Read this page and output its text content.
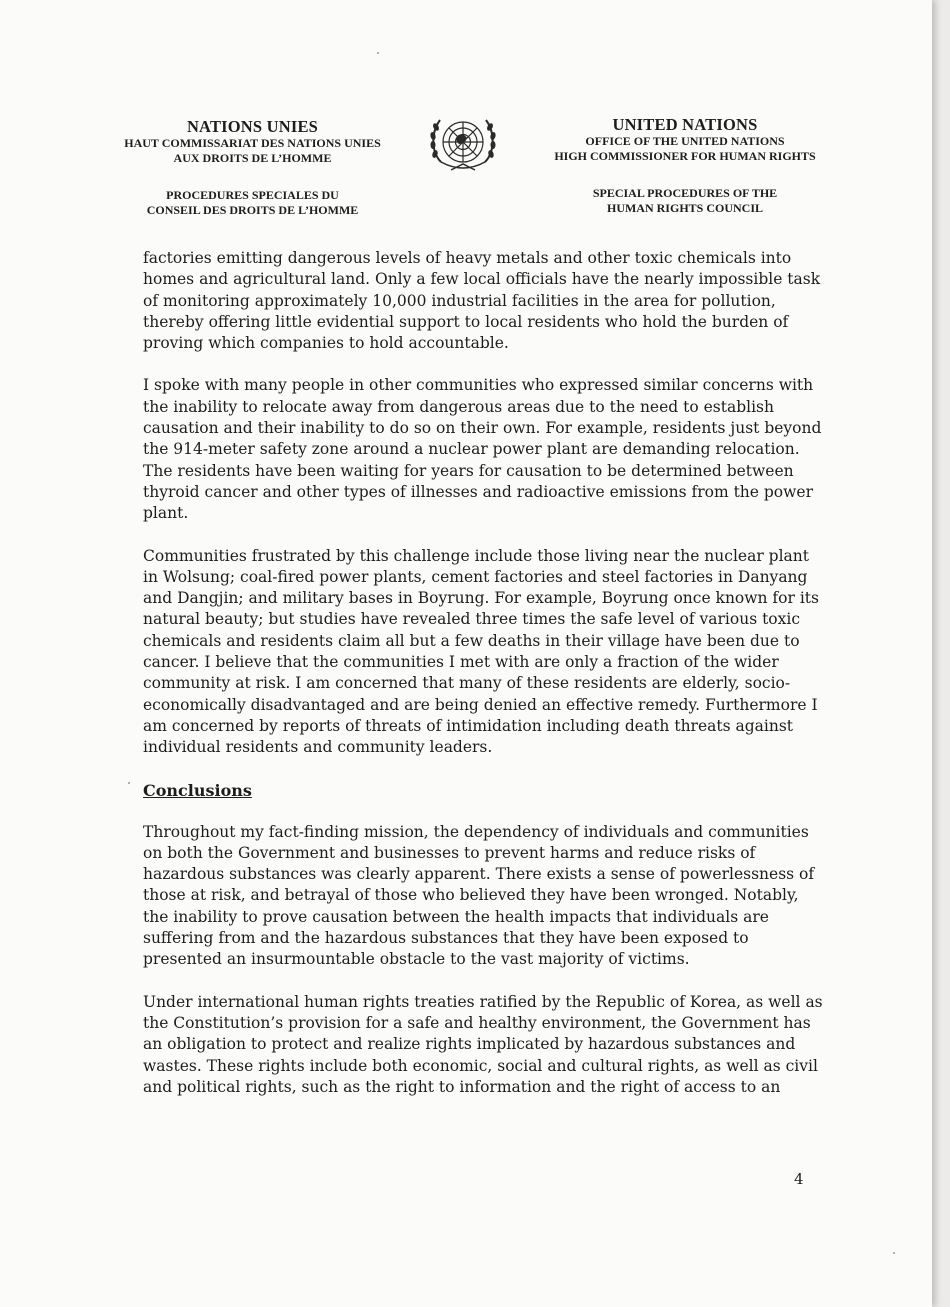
NATIONS UNIES
HAUT COMMISSARIAT DES NATIONS UNIES
AUX DROITS DE L’HOMME
PROCEDURES SPECIALES DU
CONSEIL DES DROITS DE L’HOMME
UNITED NATIONS
OFFICE OF THE UNITED NATIONS
HIGH COMMISSIONER FOR HUMAN RIGHTS
SPECIAL PROCEDURES OF THE
HUMAN RIGHTS COUNCIL

factories emitting dangerous levels of heavy metals and other toxic chemicals into homes and agricultural land. Only a few local officials have the nearly impossible task of monitoring approximately 10,000 industrial facilities in the area for pollution, thereby offering little evidential support to local residents who hold the burden of proving which companies to hold accountable.

I spoke with many people in other communities who expressed similar concerns with the inability to relocate away from dangerous areas due to the need to establish causation and their inability to do so on their own. For example, residents just beyond the 914-meter safety zone around a nuclear power plant are demanding relocation. The residents have been waiting for years for causation to be determined between thyroid cancer and other types of illnesses and radioactive emissions from the power plant.

Communities frustrated by this challenge include those living near the nuclear plant in Wolsung; coal-fired power plants, cement factories and steel factories in Danyang and Dangjin; and military bases in Boyrung. For example, Boyrung once known for its natural beauty; but studies have revealed three times the safe level of various toxic chemicals and residents claim all but a few deaths in their village have been due to cancer. I believe that the communities I met with are only a fraction of the wider community at risk. I am concerned that many of these residents are elderly, socio-economically disadvantaged and are being denied an effective remedy. Furthermore I am concerned by reports of threats of intimidation including death threats against individual residents and community leaders.

Conclusions

Throughout my fact-finding mission, the dependency of individuals and communities on both the Government and businesses to prevent harms and reduce risks of hazardous substances was clearly apparent. There exists a sense of powerlessness of those at risk, and betrayal of those who believed they have been wronged. Notably, the inability to prove causation between the health impacts that individuals are suffering from and the hazardous substances that they have been exposed to presented an insurmountable obstacle to the vast majority of victims.

Under international human rights treaties ratified by the Republic of Korea, as well as the Constitution’s provision for a safe and healthy environment, the Government has an obligation to protect and realize rights implicated by hazardous substances and wastes. These rights include both economic, social and cultural rights, as well as civil and political rights, such as the right to information and the right of access to an

4
